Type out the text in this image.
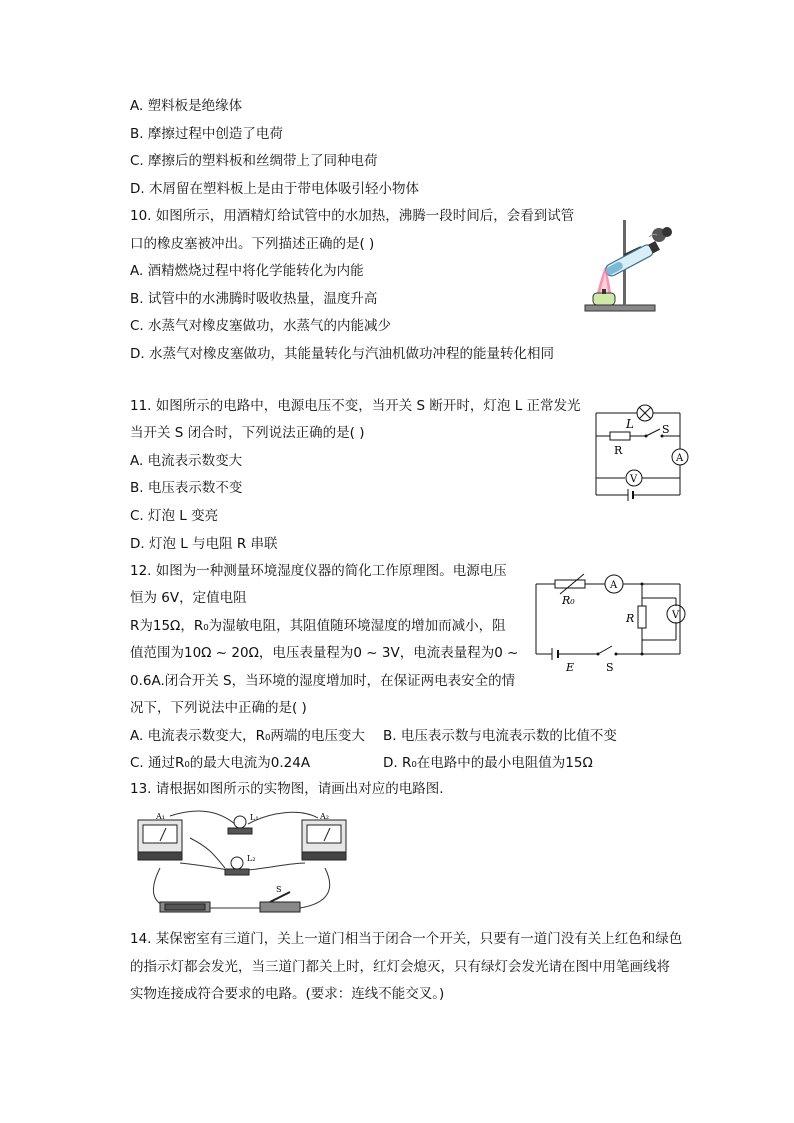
A. 塑料板是绝缘体
B. 摩擦过程中创造了电荷
C. 摩擦后的塑料板和丝绸带上了同种电荷
D. 木屑留在塑料板上是由于带电体吸引轻小物体
10. 如图所示，用酒精灯给试管中的水加热，沸腾一段时间后，会看到试管
口的橡皮塞被冲出。下列描述正确的是( )
A. 酒精燃烧过程中将化学能转化为内能
B. 试管中的水沸腾时吸收热量，温度升高
C. 水蒸气对橡皮塞做功，水蒸气的内能减少
D. 水蒸气对橡皮塞做功，其能量转化与汽油机做功冲程的能量转化相同
11. 如图所示的电路中，电源电压不变，当开关 S 断开时，灯泡 L 正常发光
当开关 S 闭合时，下列说法正确的是( )
A. 电流表示数变大
B. 电压表示数不变
C. 灯泡 L 变亮
D. 灯泡 L 与电阻 R 串联
L	S
R
A
V
12. 如图为一种测量环境湿度仪器的简化工作原理图。电源电压
恒为 6V，定值电阻
R为15Ω，R₀为湿敏电阻，其阻值随环境湿度的增加而减小，阻
值范围为10Ω ~ 20Ω，电压表量程为0 ~ 3V，电流表量程为0 ~
0.6A.闭合开关 S，当环境的湿度增加时，在保证两电表安全的情
况下，下列说法中正确的是( )
A. 电流表示数变大，R₀两端的电压变大 B. 电压表示数与电流表示数的比值不变
C. 通过R₀的最大电流为0.24A	D. R₀在电路中的最小电阻值为15Ω
R₀
A
R	V
E	S
13. 请根据如图所示的实物图，请画出对应的电路图.
A₁	A₂
L₁
L₂
S
14. 某保密室有三道门，关上一道门相当于闭合一个开关，只要有一道门没有关上红色和绿色
的指示灯都会发光，当三道门都关上时，红灯会熄灭，只有绿灯会发光请在图中用笔画线将
实物连接成符合要求的电路。(要求：连线不能交叉。)
